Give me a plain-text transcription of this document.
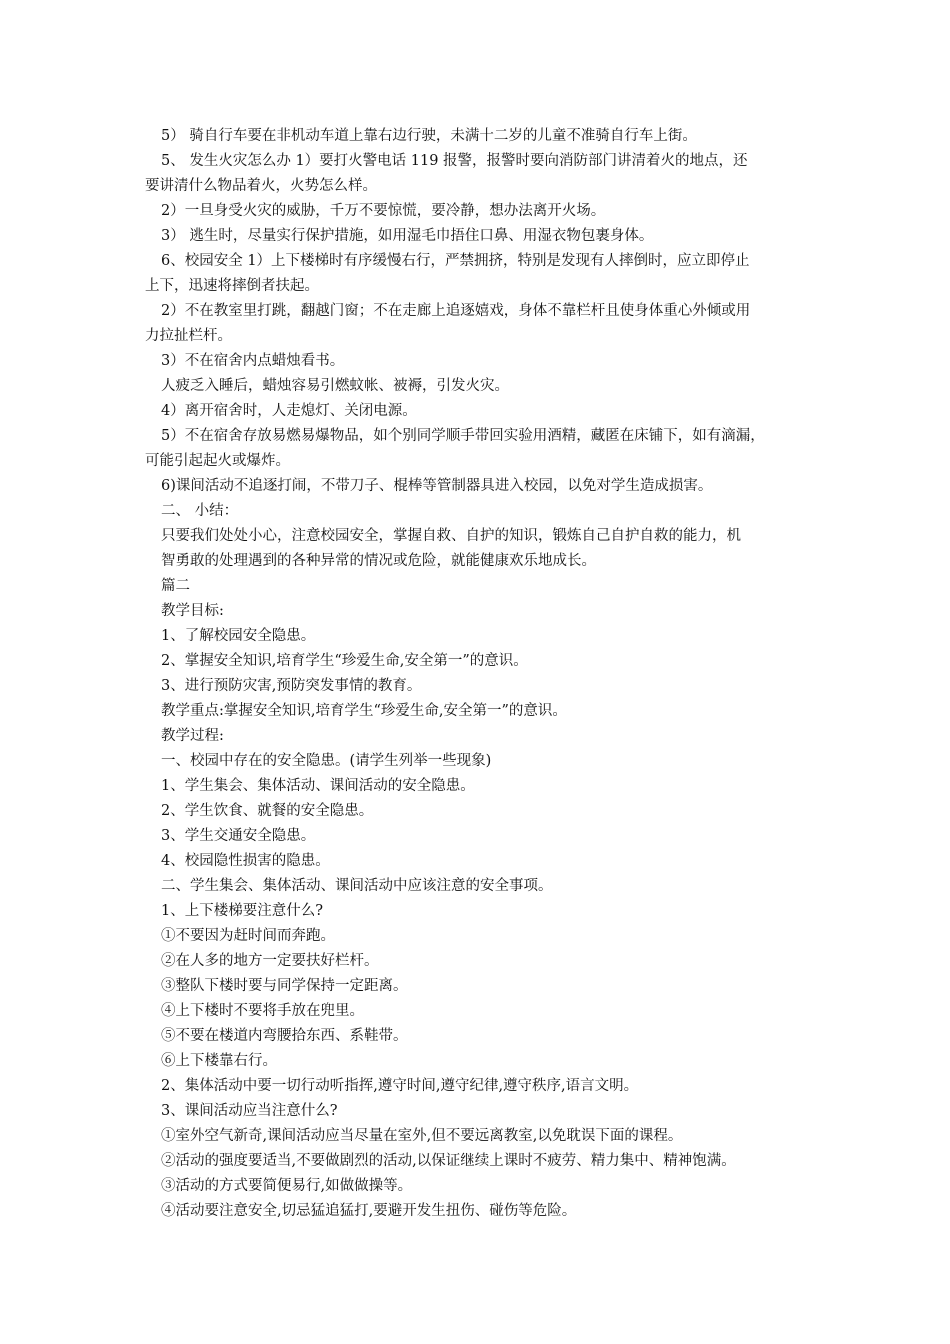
5） 骑自行车要在非机动车道上靠右边行驶，未满十二岁的儿童不准骑自行车上街。
5、 发生火灾怎么办 1）要打火警电话 119 报警，报警时要向消防部门讲清着火的地点，还
要讲清什么物品着火，火势怎么样。
2）一旦身受火灾的威胁，千万不要惊慌，要冷静，想办法离开火场。
3） 逃生时，尽量实行保护措施，如用湿毛巾捂住口鼻、用湿衣物包裹身体。
6、校园安全 1）上下楼梯时有序缓慢右行，严禁拥挤，特别是发现有人摔倒时，应立即停止
上下，迅速将摔倒者扶起。
2）不在教室里打跳，翻越门窗；不在走廊上追逐嬉戏，身体不靠栏杆且使身体重心外倾或用
力拉扯栏杆。
3）不在宿舍内点蜡烛看书。
人疲乏入睡后，蜡烛容易引燃蚊帐、被褥，引发火灾。
4）离开宿舍时，人走熄灯、关闭电源。
5）不在宿舍存放易燃易爆物品，如个别同学顺手带回实验用酒精，藏匿在床铺下，如有滴漏，
可能引起起火或爆炸。
6)课间活动不追逐打闹，不带刀子、棍棒等管制器具进入校园，以免对学生造成损害。
二、 小结：
只要我们处处小心，注意校园安全，掌握自救、自护的知识，锻炼自己自护自救的能力，机
智勇敢的处理遇到的各种异常的情况或危险，就能健康欢乐地成长。
篇二
教学目标:
1、了解校园安全隐患。
2、掌握安全知识,培育学生“珍爱生命,安全第一”的意识。
3、进行预防灾害,预防突发事情的教育。
教学重点:掌握安全知识,培育学生“珍爱生命,安全第一”的意识。
教学过程:
一、校园中存在的安全隐患。(请学生列举一些现象)
1、学生集会、集体活动、课间活动的安全隐患。
2、学生饮食、就餐的安全隐患。
3、学生交通安全隐患。
4、校园隐性损害的隐患。
二、学生集会、集体活动、课间活动中应该注意的安全事项。
1、上下楼梯要注意什么?
①不要因为赶时间而奔跑。
②在人多的地方一定要扶好栏杆。
③整队下楼时要与同学保持一定距离。
④上下楼时不要将手放在兜里。
⑤不要在楼道内弯腰拾东西、系鞋带。
⑥上下楼靠右行。
2、集体活动中要一切行动听指挥,遵守时间,遵守纪律,遵守秩序,语言文明。
3、课间活动应当注意什么?
①室外空气新奇,课间活动应当尽量在室外,但不要远离教室,以免耽误下面的课程。
②活动的强度要适当,不要做剧烈的活动,以保证继续上课时不疲劳、精力集中、精神饱满。
③活动的方式要简便易行,如做做操等。
④活动要注意安全,切忌猛追猛打,要避开发生扭伤、碰伤等危险。
